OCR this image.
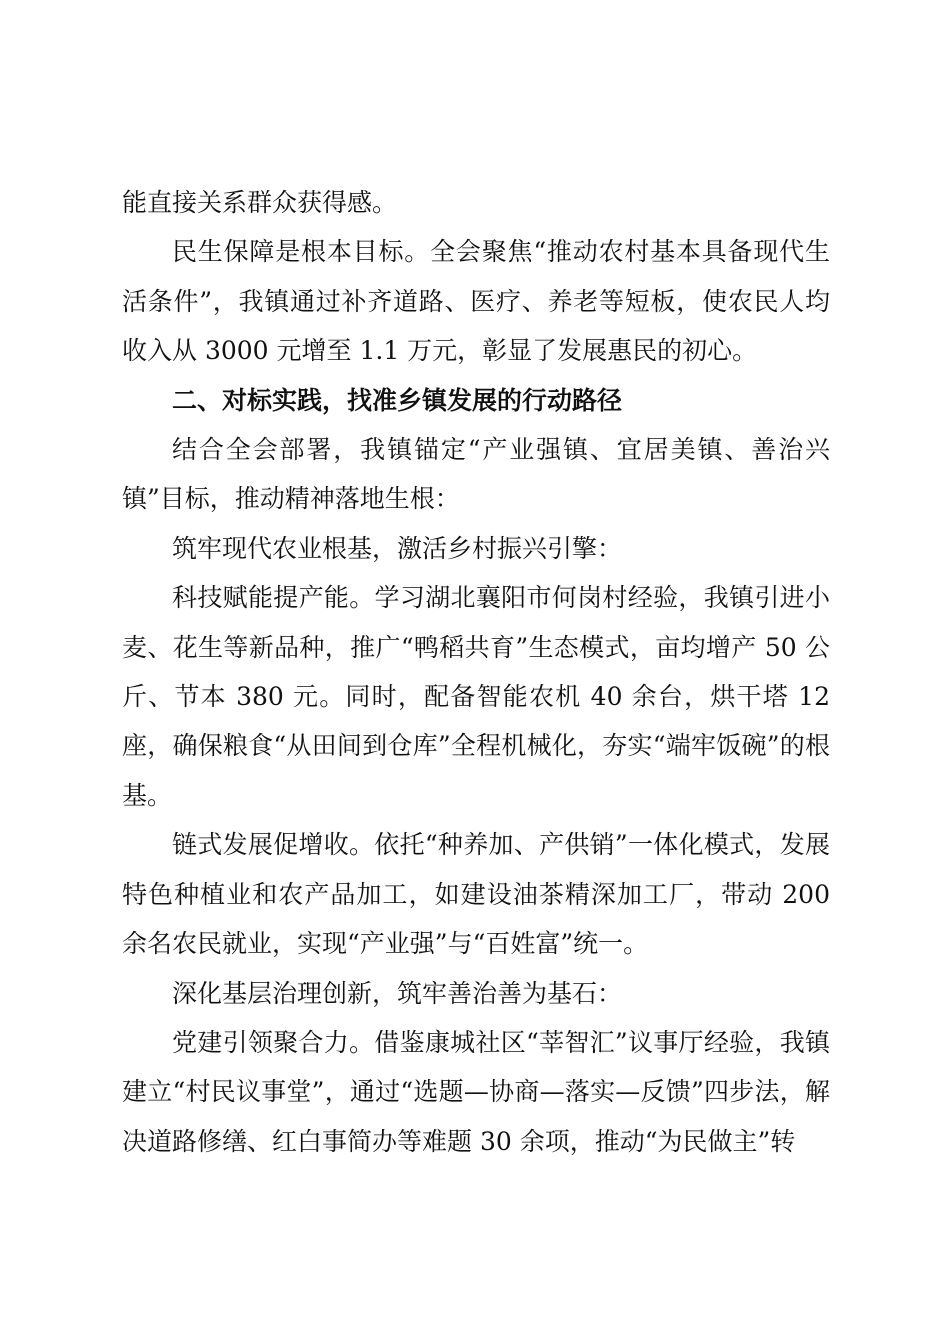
能直接关系群众获得感。

民生保障是根本目标。全会聚焦“推动农村基本具备现代生活条件”，我镇通过补齐道路、医疗、养老等短板，使农民人均收入从 3000 元增至 1.1 万元，彰显了发展惠民的初心。

二、对标实践，找准乡镇发展的行动路径

结合全会部署，我镇锚定“产业强镇、宜居美镇、善治兴镇”目标，推动精神落地生根：

筑牢现代农业根基，激活乡村振兴引擎：

科技赋能提产能。学习湖北襄阳市何岗村经验，我镇引进小麦、花生等新品种，推广“鸭稻共育”生态模式，亩均增产 50 公斤、节本 380 元。同时，配备智能农机 40 余台，烘干塔 12 座，确保粮食“从田间到仓库”全程机械化，夯实“端牢饭碗”的根基。

链式发展促增收。依托“种养加、产供销”一体化模式，发展特色种植业和农产品加工，如建设油茶精深加工厂，带动 200 余名农民就业，实现“产业强”与“百姓富”统一。

深化基层治理创新，筑牢善治善为基石：

党建引领聚合力。借鉴康城社区“莘智汇”议事厅经验，我镇建立“村民议事堂”，通过“选题—协商—落实—反馈”四步法，解决道路修缮、红白事简办等难题 30 余项，推动“为民做主”转
